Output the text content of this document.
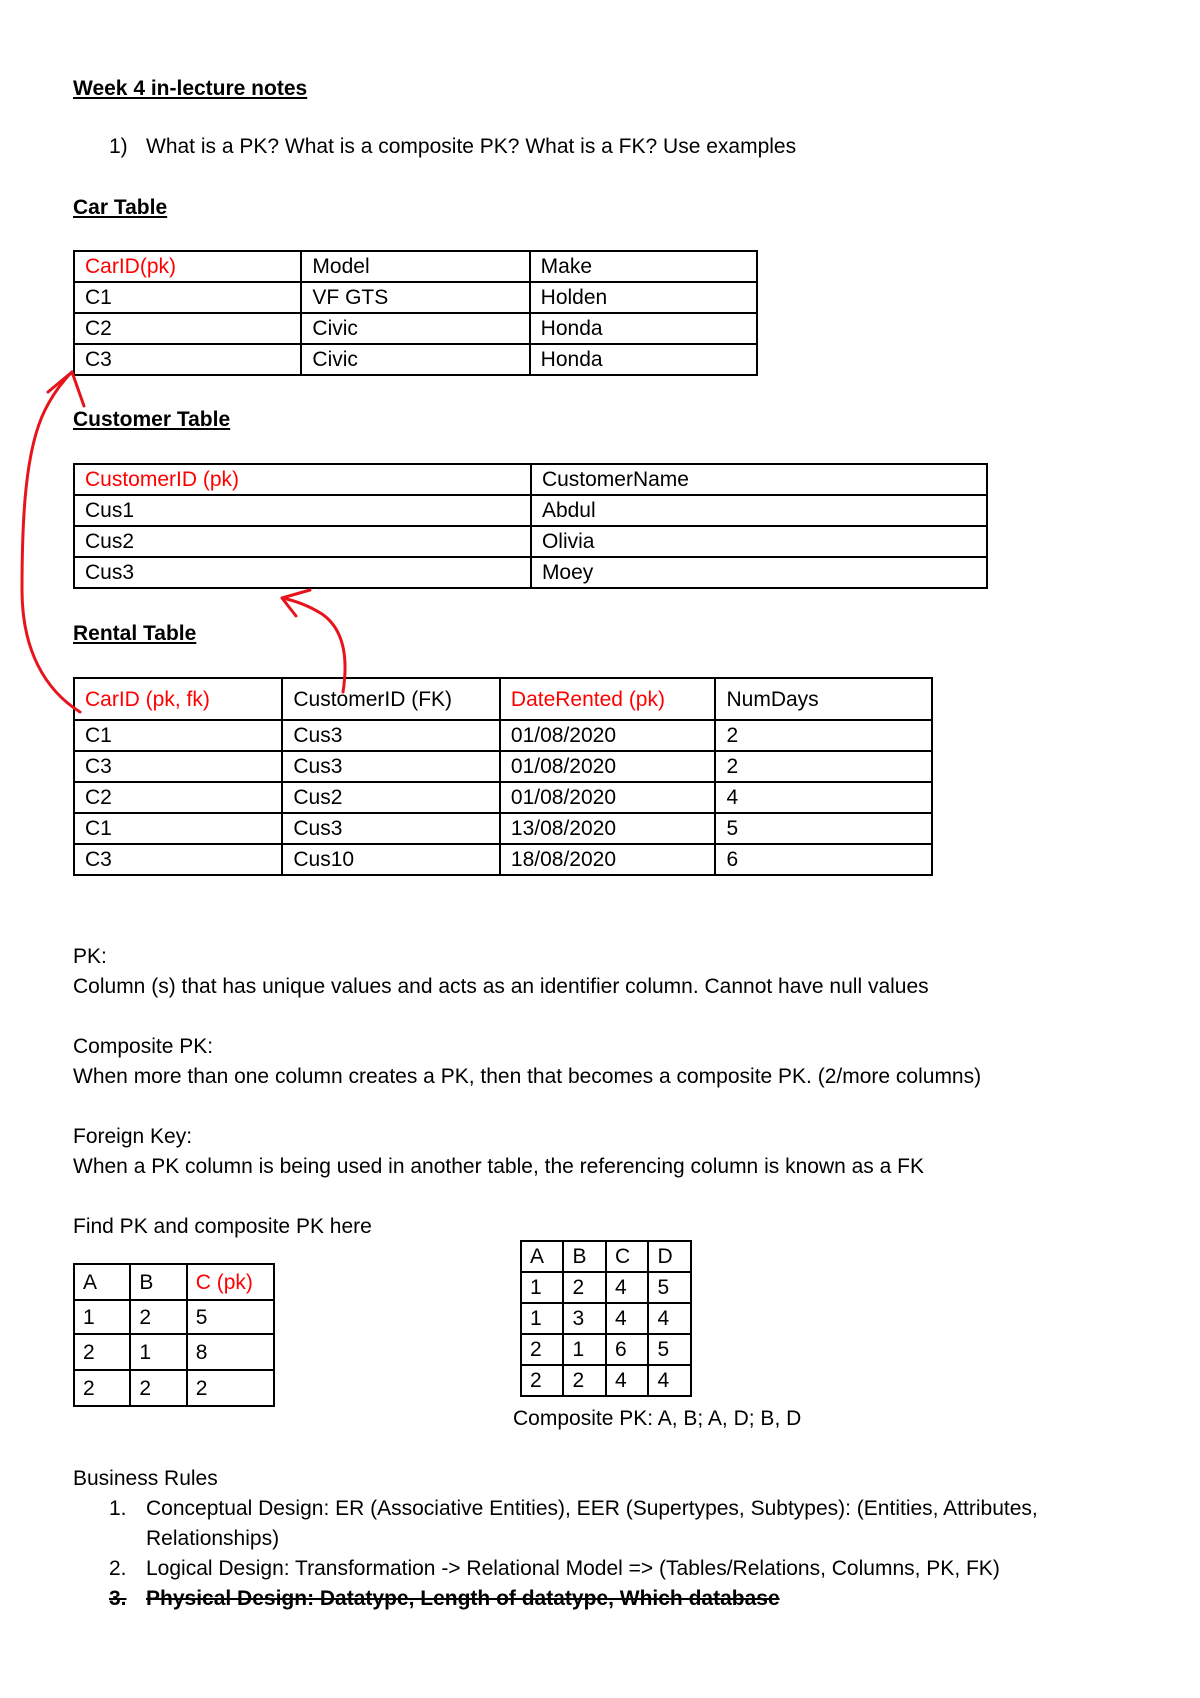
Week 4 in-lecture notes
1) What is a PK? What is a composite PK? What is a FK? Use examples
Car Table
CarID(pk)	Model	Make
C1	VF GTS	Holden
C2	Civic	Honda
C3	Civic	Honda
Customer Table
CustomerID (pk)	CustomerName
Cus1	Abdul
Cus2	Olivia
Cus3	Moey
Rental Table
CarID (pk, fk)	CustomerID (FK)	DateRented (pk)	NumDays
C1	Cus3	01/08/2020	2
C3	Cus3	01/08/2020	2
C2	Cus2	01/08/2020	4
C1	Cus3	13/08/2020	5
C3	Cus10	18/08/2020	6
PK:
Column (s) that has unique values and acts as an identifier column. Cannot have null values
Composite PK:
When more than one column creates a PK, then that becomes a composite PK. (2/more columns)
Foreign Key:
When a PK column is being used in another table, the referencing column is known as a FK
Find PK and composite PK here
A	B	C (pk)
1	2	5
2	1	8
2	2	2
A	B	C	D
1	2	4	5
1	3	4	4
2	1	6	5
2	2	4	4
Composite PK: A, B; A, D; B, D
Business Rules
1. Conceptual Design: ER (Associative Entities), EER (Supertypes, Subtypes): (Entities, Attributes,
Relationships)
2. Logical Design: Transformation -> Relational Model => (Tables/Relations, Columns, PK, FK)
3. Physical Design: Datatype, Length of datatype, Which database
